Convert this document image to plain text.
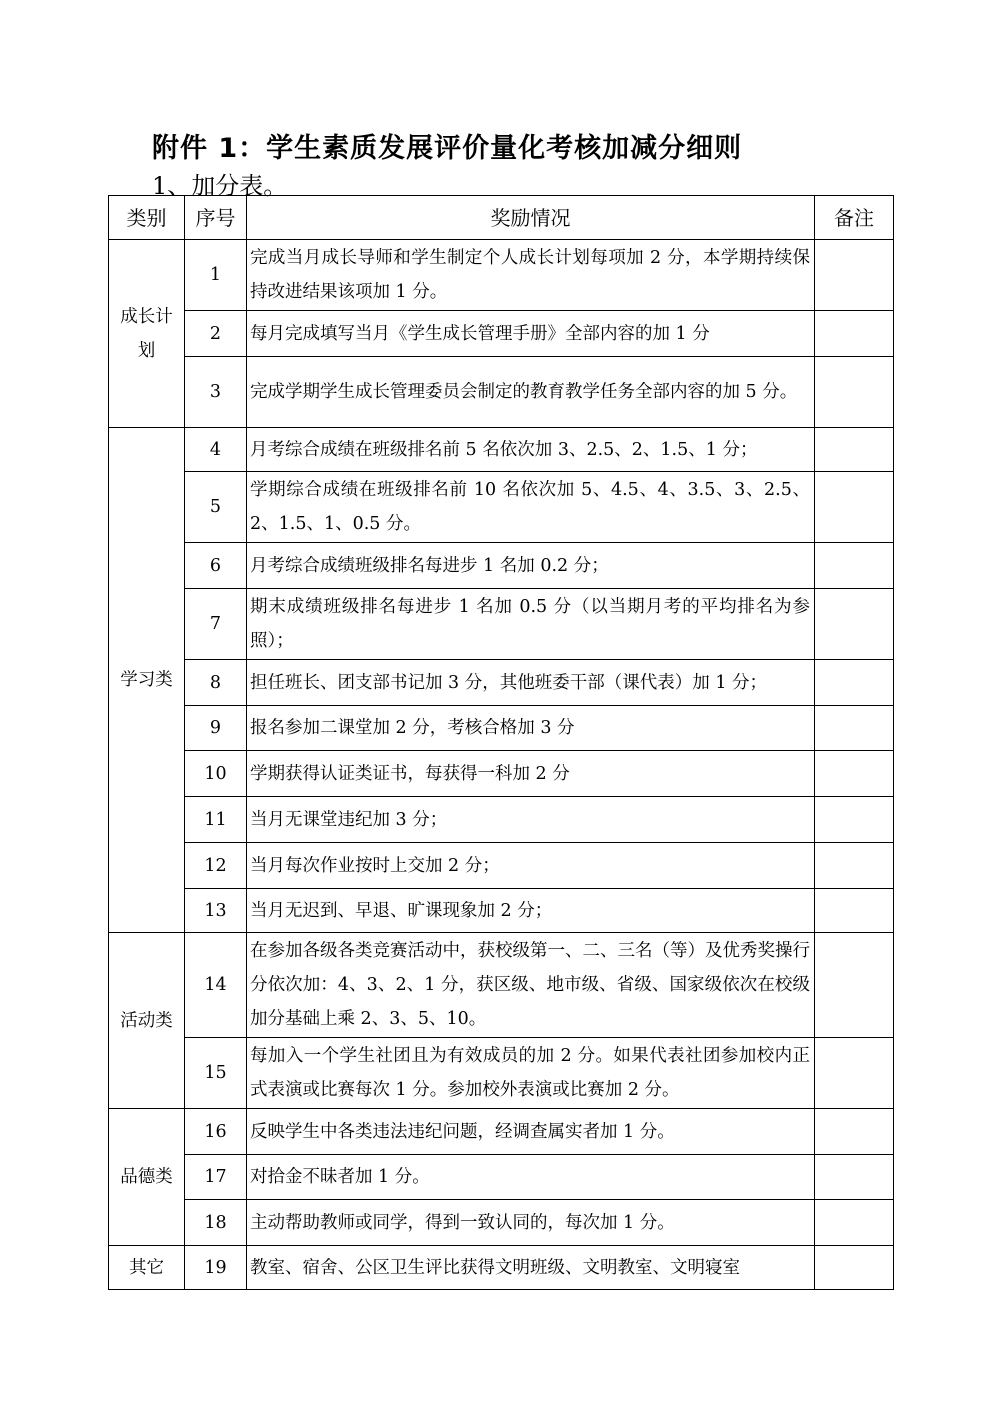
附件 1：学生素质发展评价量化考核加减分细则
1、加分表。
类别	序号	奖励情况	备注
成长计划	1	完成当月成长导师和学生制定个人成长计划每项加 2 分，本学期持续保持改进结果该项加 1 分。	
	2	每月完成填写当月《学生成长管理手册》全部内容的加 1 分	
	3	完成学期学生成长管理委员会制定的教育教学任务全部内容的加 5 分。	
学习类	4	月考综合成绩在班级排名前 5 名依次加 3、2.5、2、1.5、1 分；	
	5	学期综合成绩在班级排名前 10 名依次加 5、4.5、4、3.5、3、2.5、2、1.5、1、0.5 分。	
	6	月考综合成绩班级排名每进步 1 名加 0.2 分；	
	7	期末成绩班级排名每进步 1 名加 0.5 分（以当期月考的平均排名为参照）；	
	8	担任班长、团支部书记加 3 分，其他班委干部（课代表）加 1 分；	
	9	报名参加二课堂加 2 分，考核合格加 3 分	
	10	学期获得认证类证书，每获得一科加 2 分	
	11	当月无课堂违纪加 3 分；	
	12	当月每次作业按时上交加 2 分；	
	13	当月无迟到、早退、旷课现象加 2 分；	
活动类	14	在参加各级各类竞赛活动中，获校级第一、二、三名（等）及优秀奖操行分依次加：4、3、2、1 分，获区级、地市级、省级、国家级依次在校级加分基础上乘 2、3、5、10。	
	15	每加入一个学生社团且为有效成员的加 2 分。如果代表社团参加校内正式表演或比赛每次 1 分。参加校外表演或比赛加 2 分。	
品德类	16	反映学生中各类违法违纪问题，经调查属实者加 1 分。	
	17	对拾金不昧者加 1 分。	
	18	主动帮助教师或同学，得到一致认同的，每次加 1 分。	
其它	19	教室、宿舍、公区卫生评比获得文明班级、文明教室、文明寝室	
